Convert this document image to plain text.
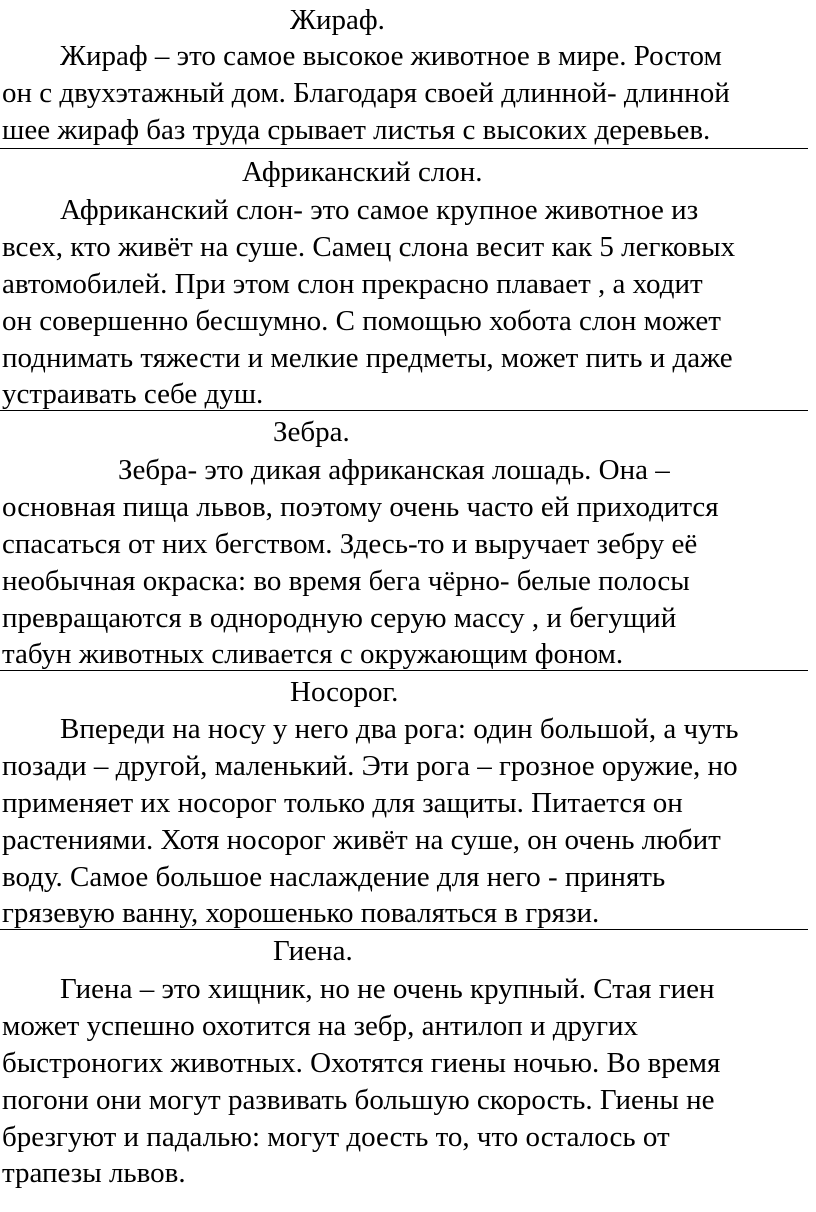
Жираф.
Жираф – это самое высокое животное в мире. Ростом
он с двухэтажный дом. Благодаря своей длинной- длинной
шее жираф баз труда срывает листья с высоких деревьев.
Африканский слон.
Африканский слон- это самое крупное животное из
всех, кто живёт на суше. Самец слона весит как 5 легковых
автомобилей. При этом слон прекрасно плавает , а ходит
он совершенно бесшумно. С помощью хобота слон может
поднимать тяжести и мелкие предметы, может пить и даже
устраивать себе душ.
Зебра.
Зебра- это дикая африканская лошадь. Она –
основная пища львов, поэтому очень часто ей приходится
спасаться от них бегством. Здесь-то и выручает зебру её
необычная окраска: во время бега чёрно- белые полосы
превращаются в однородную серую массу , и бегущий
табун животных сливается с окружающим фоном.
Носорог.
Впереди на носу у него два рога: один большой, а чуть
позади – другой, маленький. Эти рога – грозное оружие, но
применяет их носорог только для защиты. Питается он
растениями. Хотя носорог живёт на суше, он очень любит
воду. Самое большое наслаждение для него - принять
грязевую ванну, хорошенько поваляться в грязи.
Гиена.
Гиена – это хищник, но не очень крупный. Стая гиен
может успешно охотится на зебр, антилоп и других
быстроногих животных. Охотятся гиены ночью. Во время
погони они могут развивать большую скорость. Гиены не
брезгуют и падалью: могут доесть то, что осталось от
трапезы львов.
